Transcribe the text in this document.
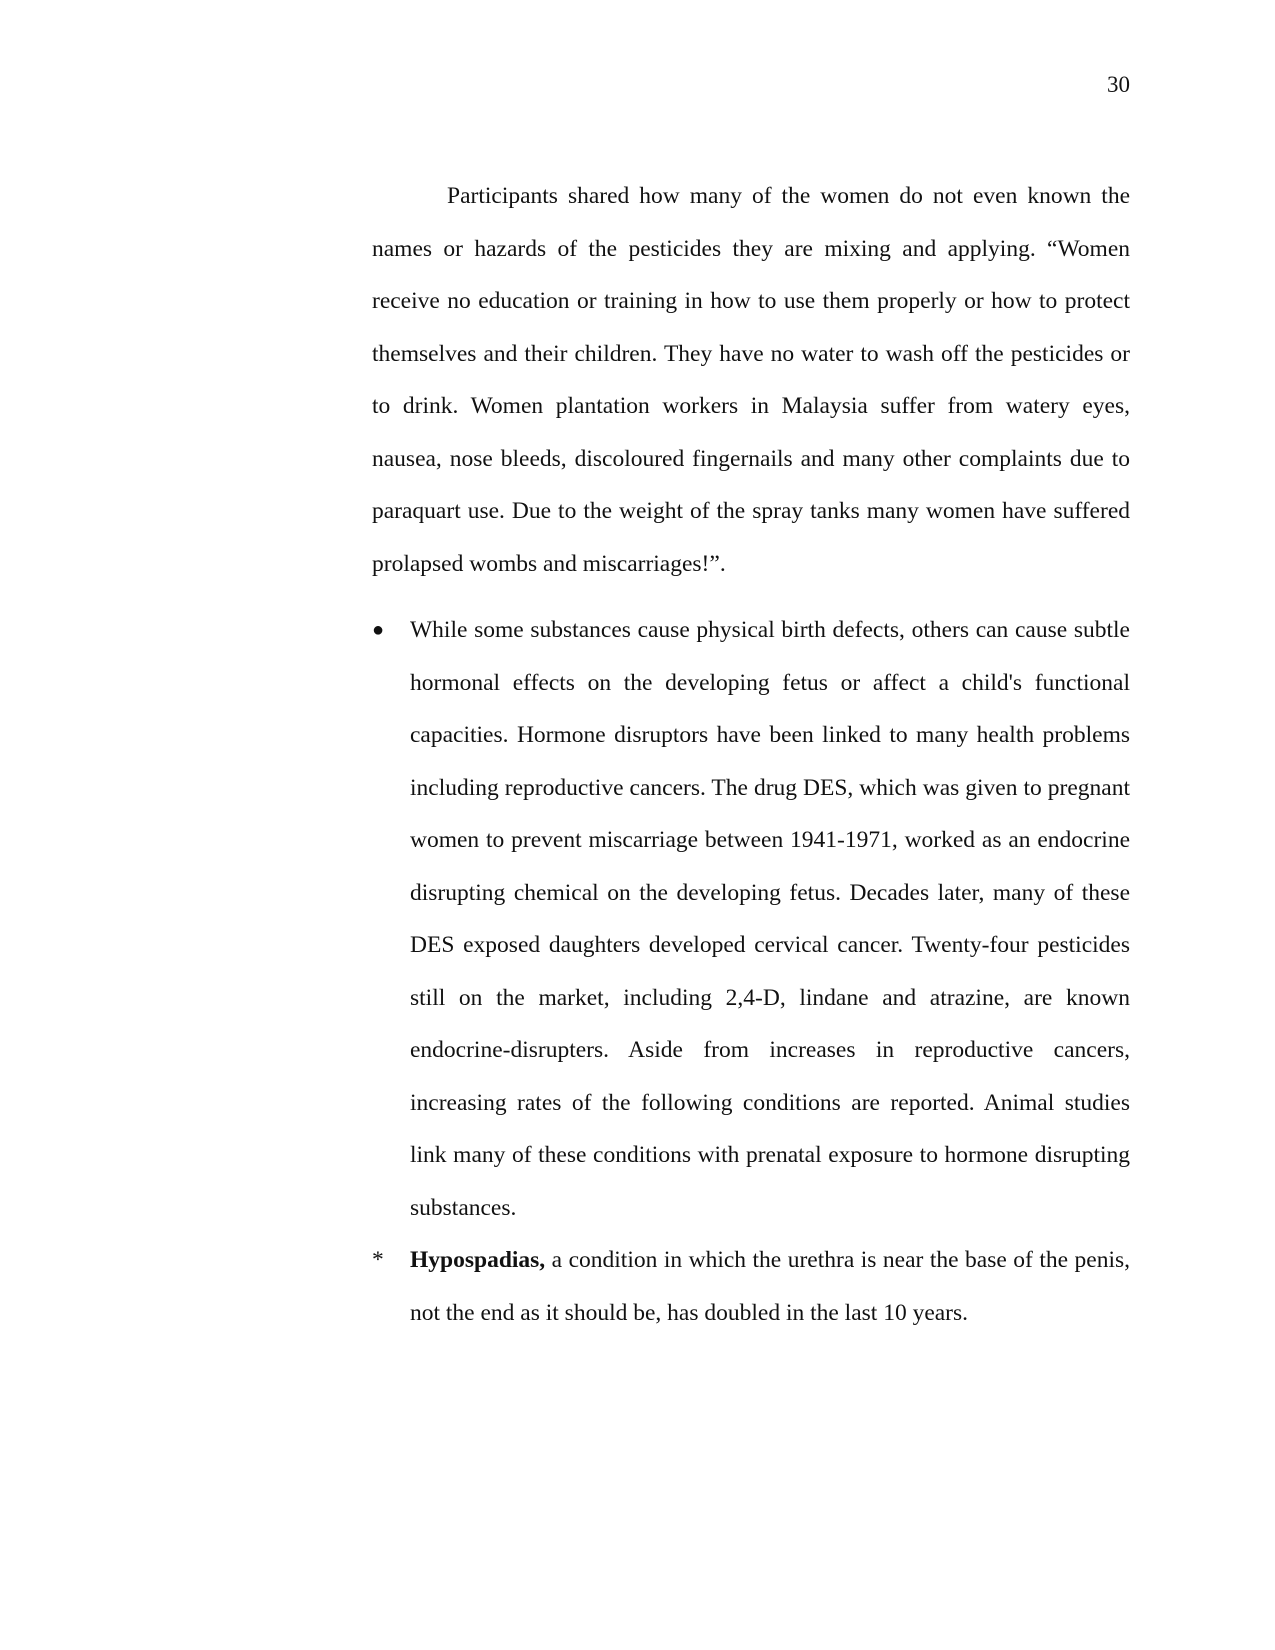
30

Participants shared how many of the women do not even known the names or hazards of the pesticides they are mixing and applying. “Women receive no education or training in how to use them properly or how to protect themselves and their children. They have no water to wash off the pesticides or to drink. Women plantation workers in Malaysia suffer from watery eyes, nausea, nose bleeds, discoloured fingernails and many other complaints due to paraquart use. Due to the weight of the spray tanks many women have suffered prolapsed wombs and miscarriages!”.

●	While some substances cause physical birth defects, others can cause subtle hormonal effects on the developing fetus or affect a child's functional capacities. Hormone disruptors have been linked to many health problems including reproductive cancers. The drug DES, which was given to pregnant women to prevent miscarriage between 1941-1971, worked as an endocrine disrupting chemical on the developing fetus. Decades later, many of these DES exposed daughters developed cervical cancer. Twenty-four pesticides still on the market, including 2,4-D, lindane and atrazine, are known endocrine-disrupters. Aside from increases in reproductive cancers, increasing rates of the following conditions are reported. Animal studies link many of these conditions with prenatal exposure to hormone disrupting substances.
*	Hypospadias, a condition in which the urethra is near the base of the penis, not the end as it should be, has doubled in the last 10 years.
